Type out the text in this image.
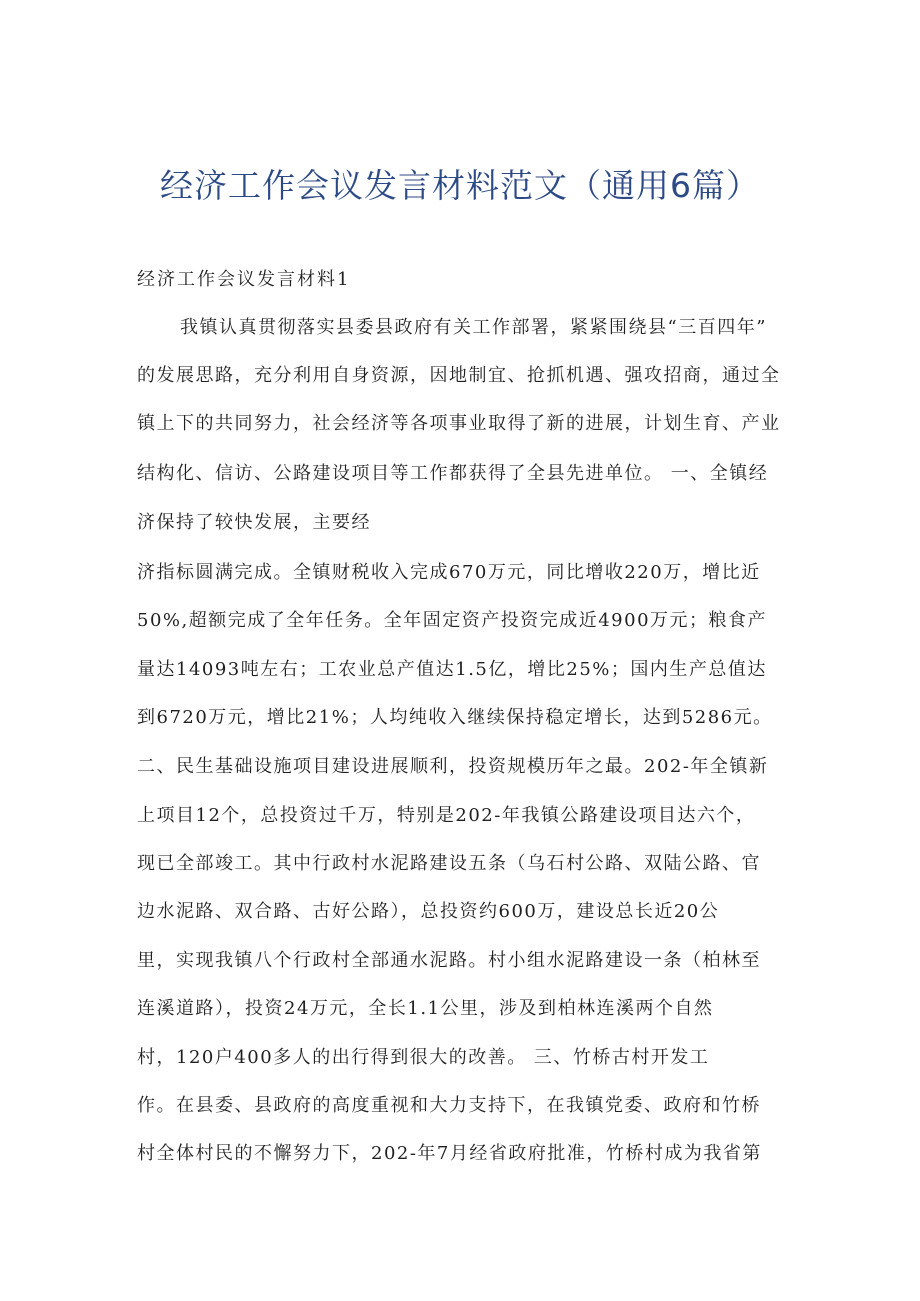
经济工作会议发言材料范文（通用6篇）
经济工作会议发言材料1
我镇认真贯彻落实县委县政府有关工作部署，紧紧围绕县“三百四年”
的发展思路，充分利用自身资源，因地制宜、抢抓机遇、强攻招商，通过全
镇上下的共同努力，社会经济等各项事业取得了新的进展，计划生育、产业
结构化、信访、公路建设项目等工作都获得了全县先进单位。 一、全镇经
济保持了较快发展，主要经
济指标圆满完成。全镇财税收入完成670万元，同比增收220万，增比近
50%,超额完成了全年任务。全年固定资产投资完成近4900万元；粮食产
量达14093吨左右；工农业总产值达1.5亿，增比25%；国内生产总值达
到6720万元，增比21%；人均纯收入继续保持稳定增长，达到5286元。
二、民生基础设施项目建设进展顺利，投资规模历年之最。202-年全镇新
上项目12个，总投资过千万，特别是202-年我镇公路建设项目达六个，
现已全部竣工。其中行政村水泥路建设五条（乌石村公路、双陆公路、官
边水泥路、双合路、古好公路），总投资约600万，建设总长近20公
里，实现我镇八个行政村全部通水泥路。村小组水泥路建设一条（柏林至
连溪道路），投资24万元，全长1.1公里，涉及到柏林连溪两个自然
村，120户400多人的出行得到很大的改善。 三、竹桥古村开发工
作。在县委、县政府的高度重视和大力支持下，在我镇党委、政府和竹桥
村全体村民的不懈努力下，202-年7月经省政府批准，竹桥村成为我省第
